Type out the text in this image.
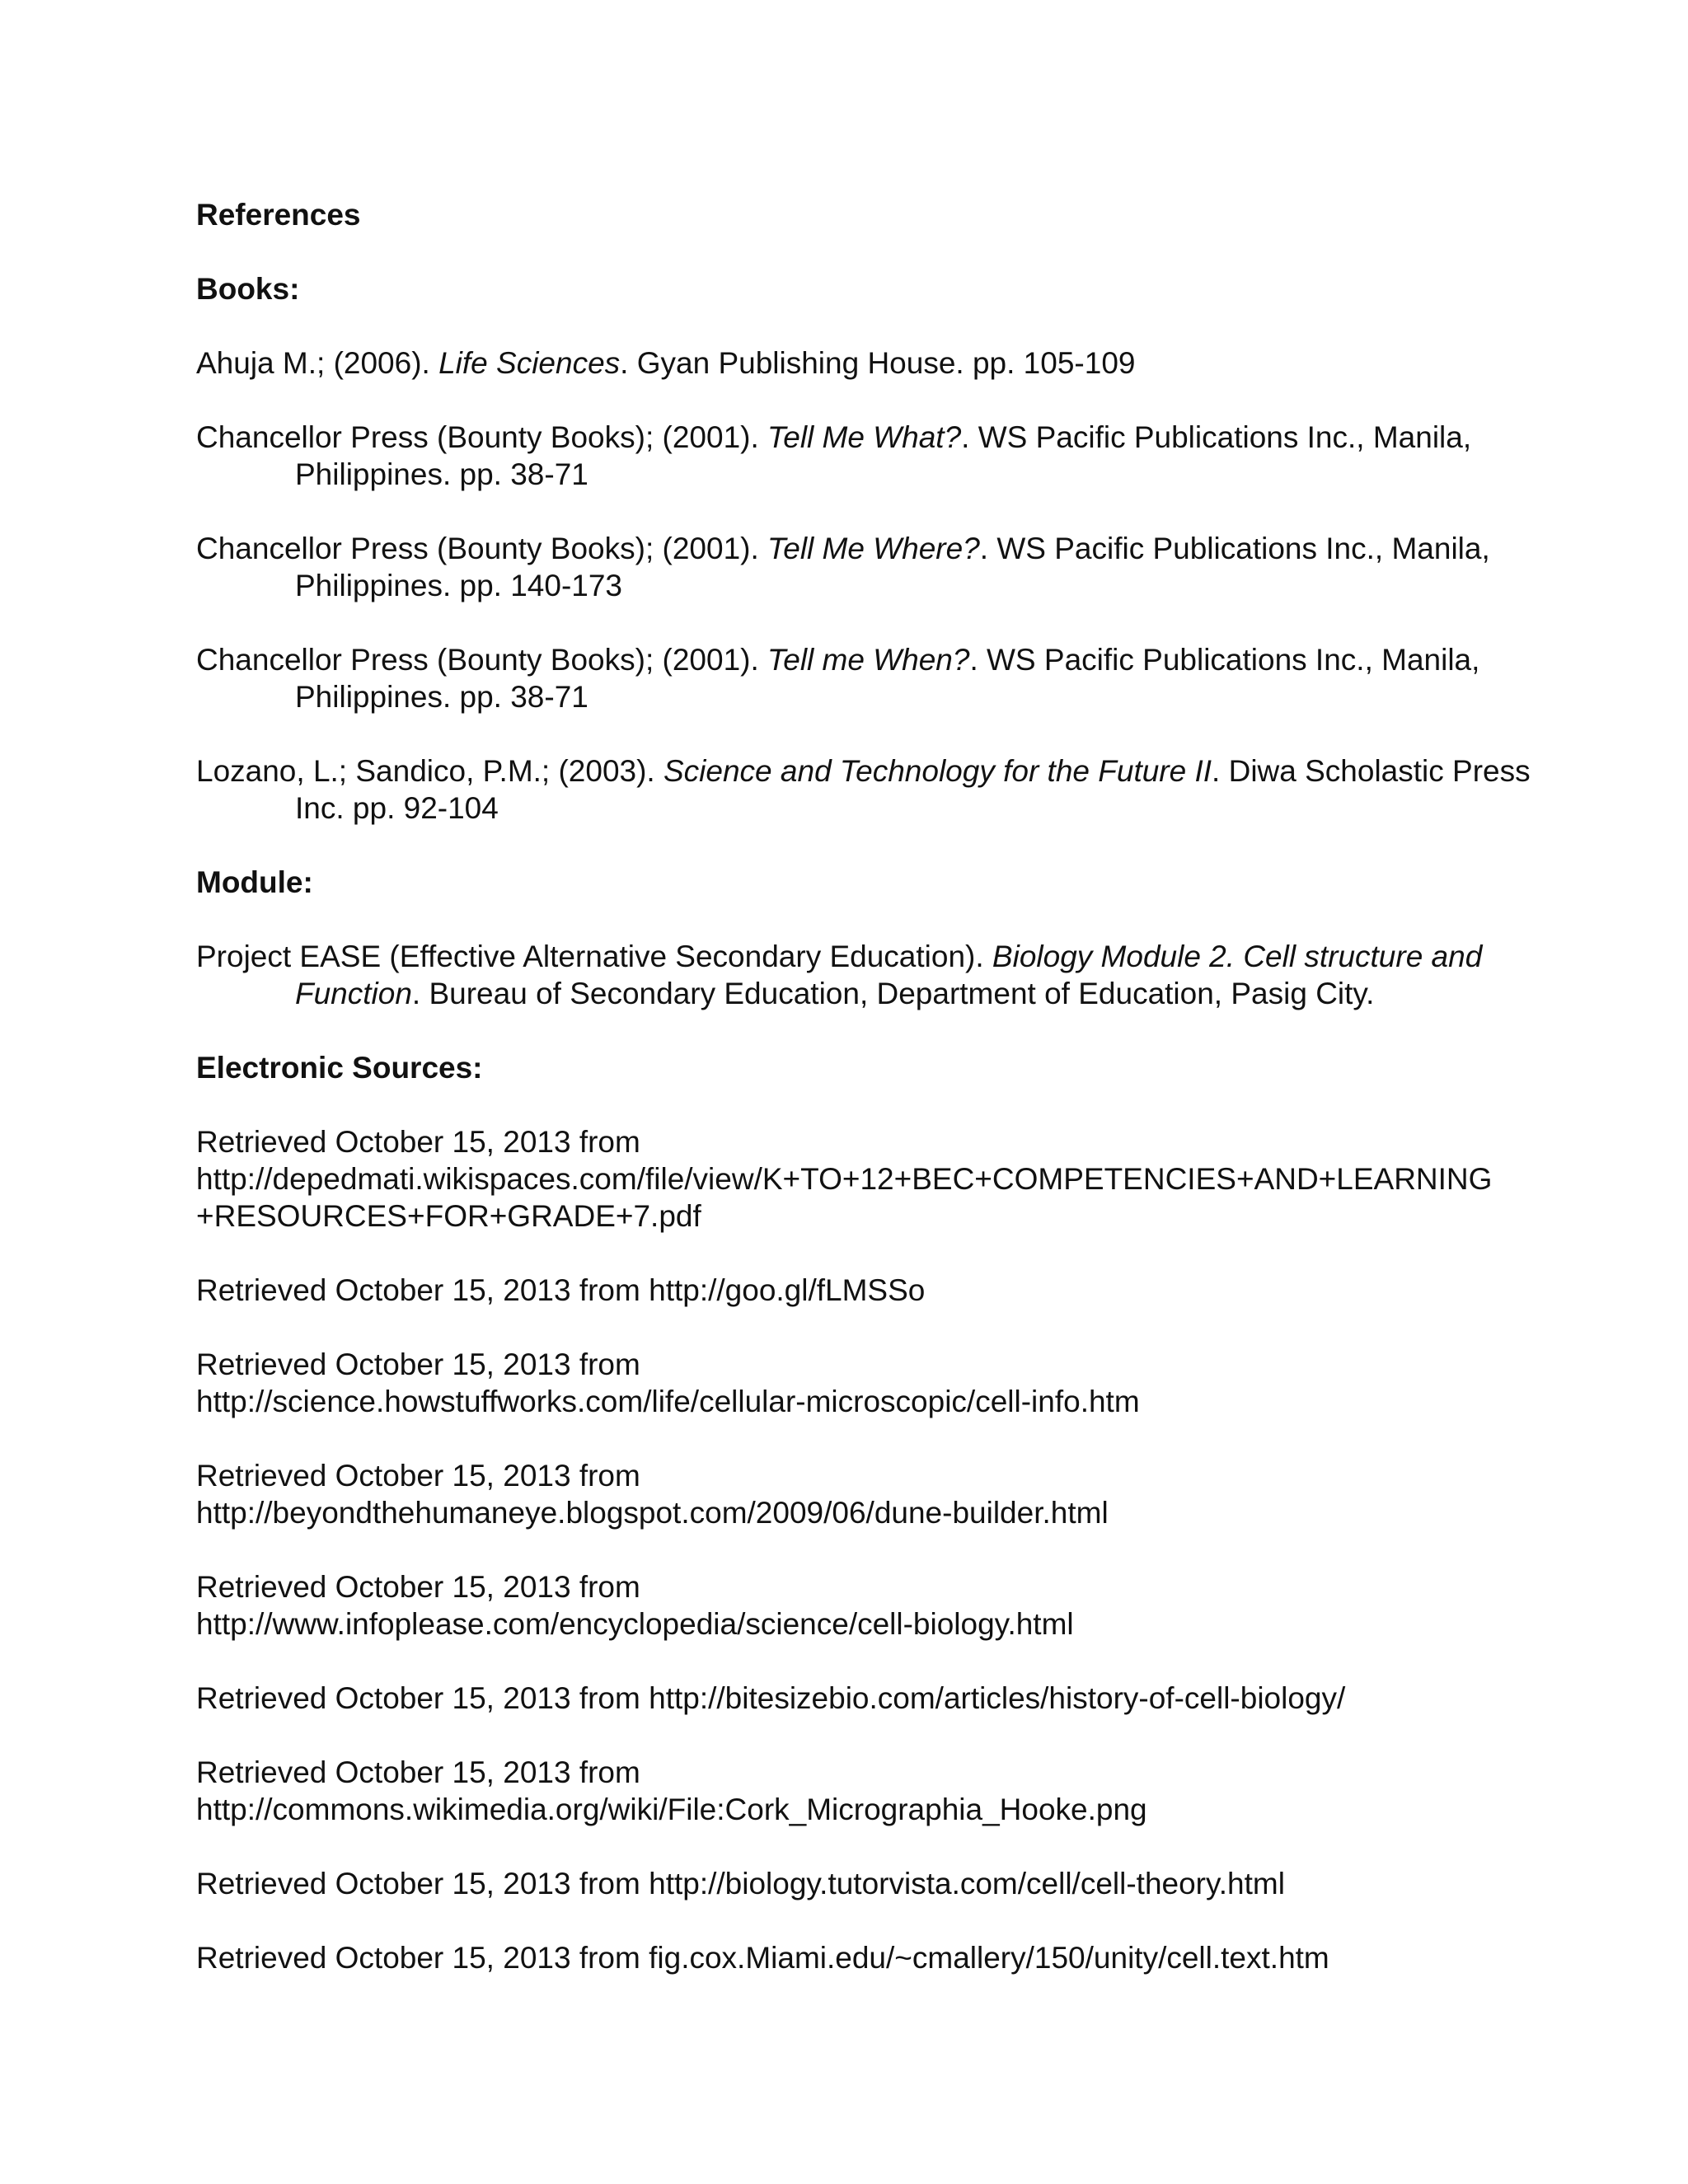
References
Books:
Ahuja M.; (2006). Life Sciences. Gyan Publishing House. pp. 105-109
Chancellor Press (Bounty Books); (2001). Tell Me What?. WS Pacific Publications Inc., Manila, Philippines. pp. 38-71
Chancellor Press (Bounty Books); (2001). Tell Me Where?. WS Pacific Publications Inc., Manila, Philippines. pp. 140-173
Chancellor Press (Bounty Books); (2001). Tell me When?. WS Pacific Publications Inc., Manila, Philippines. pp. 38-71
Lozano, L.; Sandico, P.M.; (2003). Science and Technology for the Future II. Diwa Scholastic Press Inc. pp. 92-104
Module:
Project EASE (Effective Alternative Secondary Education). Biology Module 2. Cell structure and Function. Bureau of Secondary Education, Department of Education, Pasig City.
Electronic Sources:
Retrieved October 15, 2013 from
http://depedmati.wikispaces.com/file/view/K+TO+12+BEC+COMPETENCIES+AND+LEARNING
+RESOURCES+FOR+GRADE+7.pdf
Retrieved October 15, 2013 from http://goo.gl/fLMSSo
Retrieved October 15, 2013 from
http://science.howstuffworks.com/life/cellular-microscopic/cell-info.htm
Retrieved October 15, 2013 from
http://beyondthehumaneye.blogspot.com/2009/06/dune-builder.html
Retrieved October 15, 2013 from
http://www.infoplease.com/encyclopedia/science/cell-biology.html
Retrieved October 15, 2013 from http://bitesizebio.com/articles/history-of-cell-biology/
Retrieved October 15, 2013 from
http://commons.wikimedia.org/wiki/File:Cork_Micrographia_Hooke.png
Retrieved October 15, 2013 from http://biology.tutorvista.com/cell/cell-theory.html
Retrieved October 15, 2013 from fig.cox.Miami.edu/~cmallery/150/unity/cell.text.htm
